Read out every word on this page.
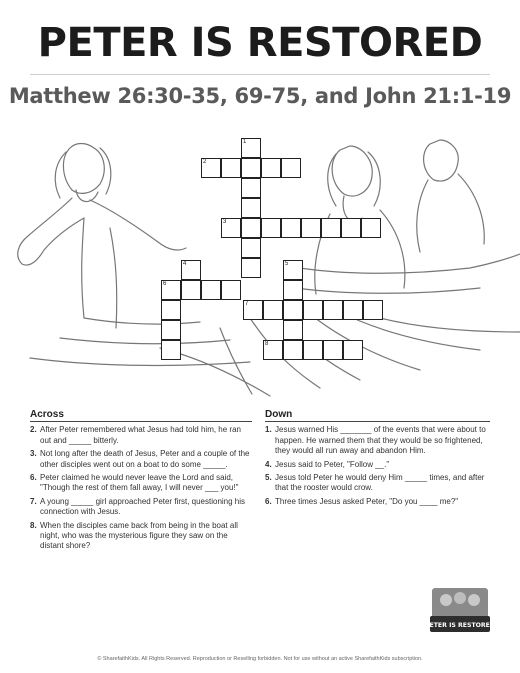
PETER IS RESTORED
Matthew 26:30-35, 69-75, and John 21:1-19
1
2
3
4	5
6
7
8
Across
2. After Peter remembered what Jesus had told him, he ran out and _____ bitterly.
3. Not long after the death of Jesus, Peter and a couple of the other disciples went out on a boat to do some _____.
6. Peter claimed he would never leave the Lord and said, "Though the rest of them fall away, I will never ___ you!"
7. A young _____ girl approached Peter first, questioning his connection with Jesus.
8. When the disciples came back from being in the boat all night, who was the mysterious figure they saw on the distant shore?
Down
1. Jesus warned His _______ of the events that were about to happen. He warned them that they would be so frightened, they would all run away and abandon Him.
4. Jesus said to Peter, "Follow __."
5. Jesus told Peter he would deny Him _____ times, and after that the rooster would crow.
6. Three times Jesus asked Peter, "Do you ____ me?"
PETER IS RESTORED
© SharefaithKids. All Rights Reserved. Reproduction or Reselling forbidden. Not for use without an active SharefaithKids subscription.
